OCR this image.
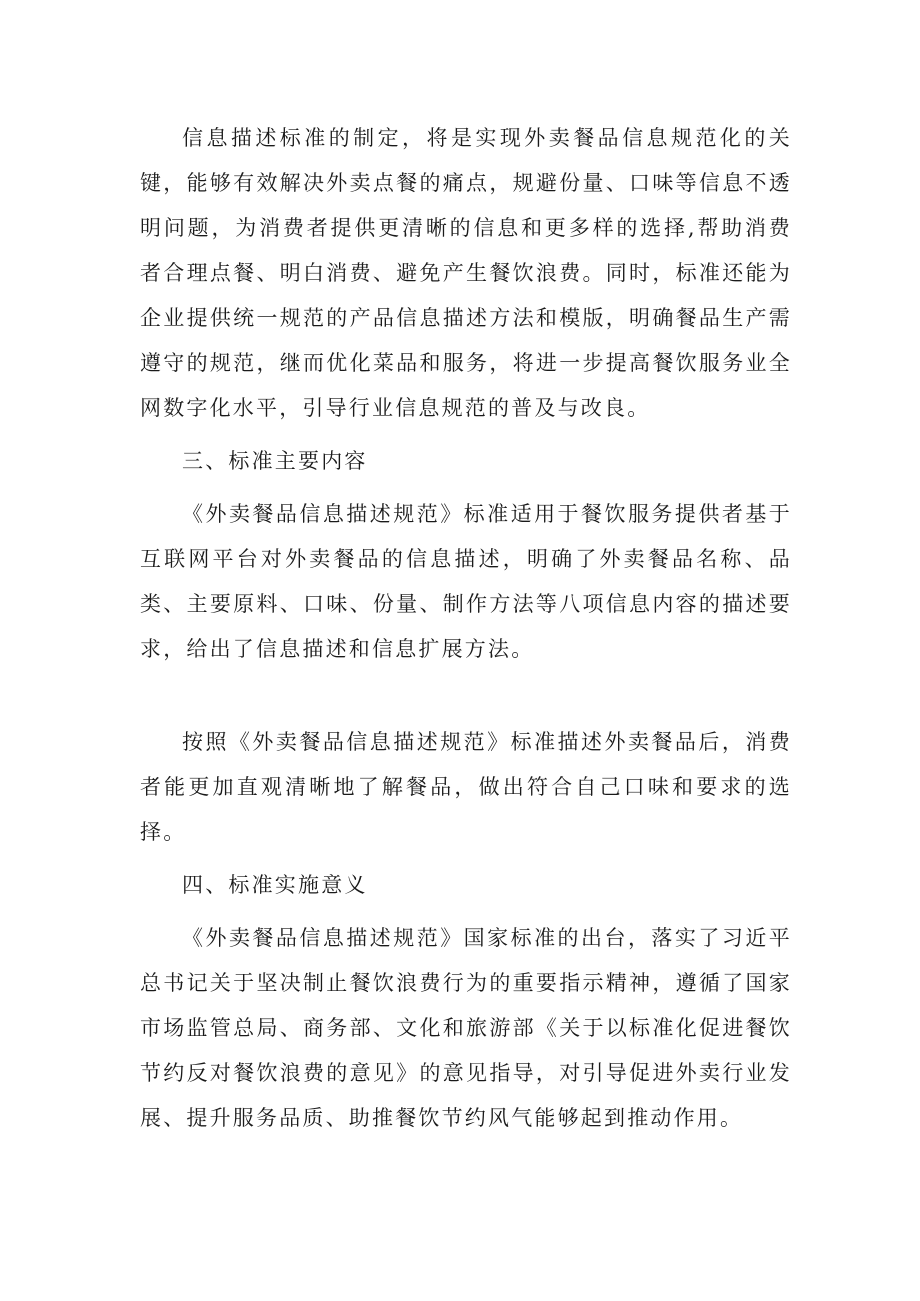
信息描述标准的制定，将是实现外卖餐品信息规范化的关键，能够有效解决外卖点餐的痛点，规避份量、口味等信息不透明问题，为消费者提供更清晰的信息和更多样的选择,帮助消费者合理点餐、明白消费、避免产生餐饮浪费。同时，标准还能为企业提供统一规范的产品信息描述方法和模版，明确餐品生产需遵守的规范，继而优化菜品和服务，将进一步提高餐饮服务业全网数字化水平，引导行业信息规范的普及与改良。

三、标准主要内容

《外卖餐品信息描述规范》标准适用于餐饮服务提供者基于互联网平台对外卖餐品的信息描述，明确了外卖餐品名称、品类、主要原料、口味、份量、制作方法等八项信息内容的描述要求，给出了信息描述和信息扩展方法。

按照《外卖餐品信息描述规范》标准描述外卖餐品后，消费者能更加直观清晰地了解餐品，做出符合自己口味和要求的选择。

四、标准实施意义

《外卖餐品信息描述规范》国家标准的出台，落实了习近平总书记关于坚决制止餐饮浪费行为的重要指示精神，遵循了国家市场监管总局、商务部、文化和旅游部《关于以标准化促进餐饮节约反对餐饮浪费的意见》的意见指导，对引导促进外卖行业发展、提升服务品质、助推餐饮节约风气能够起到推动作用。
